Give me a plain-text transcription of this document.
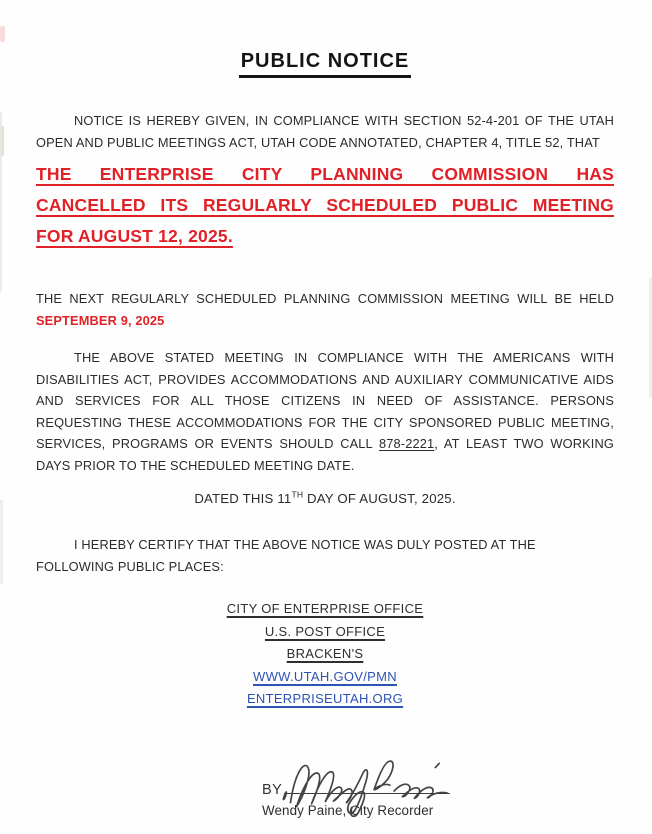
PUBLIC NOTICE

NOTICE IS HEREBY GIVEN, IN COMPLIANCE WITH SECTION 52-4-201 OF THE UTAH OPEN AND PUBLIC MEETINGS ACT, UTAH CODE ANNOTATED, CHAPTER 4, TITLE 52, THAT

THE ENTERPRISE CITY PLANNING COMMISSION HAS
CANCELLED ITS REGULARLY SCHEDULED PUBLIC MEETING
FOR AUGUST 12, 2025.

THE NEXT REGULARLY SCHEDULED PLANNING COMMISSION MEETING WILL BE HELD SEPTEMBER 9, 2025

THE ABOVE STATED MEETING IN COMPLIANCE WITH THE AMERICANS WITH DISABILITIES ACT, PROVIDES ACCOMMODATIONS AND AUXILIARY COMMUNICATIVE AIDS AND SERVICES FOR ALL THOSE CITIZENS IN NEED OF ASSISTANCE. PERSONS REQUESTING THESE ACCOMMODATIONS FOR THE CITY SPONSORED PUBLIC MEETING, SERVICES, PROGRAMS OR EVENTS SHOULD CALL 878-2221, AT LEAST TWO WORKING DAYS PRIOR TO THE SCHEDULED MEETING DATE.

DATED THIS 11TH DAY OF AUGUST, 2025.

I HEREBY CERTIFY THAT THE ABOVE NOTICE WAS DULY POSTED AT THE FOLLOWING PUBLIC PLACES:

CITY OF ENTERPRISE OFFICE
U.S. POST OFFICE
BRACKEN'S
WWW.UTAH.GOV/PMN
ENTERPRISEUTAH.ORG
BY
Wendy Paine, City Recorder
